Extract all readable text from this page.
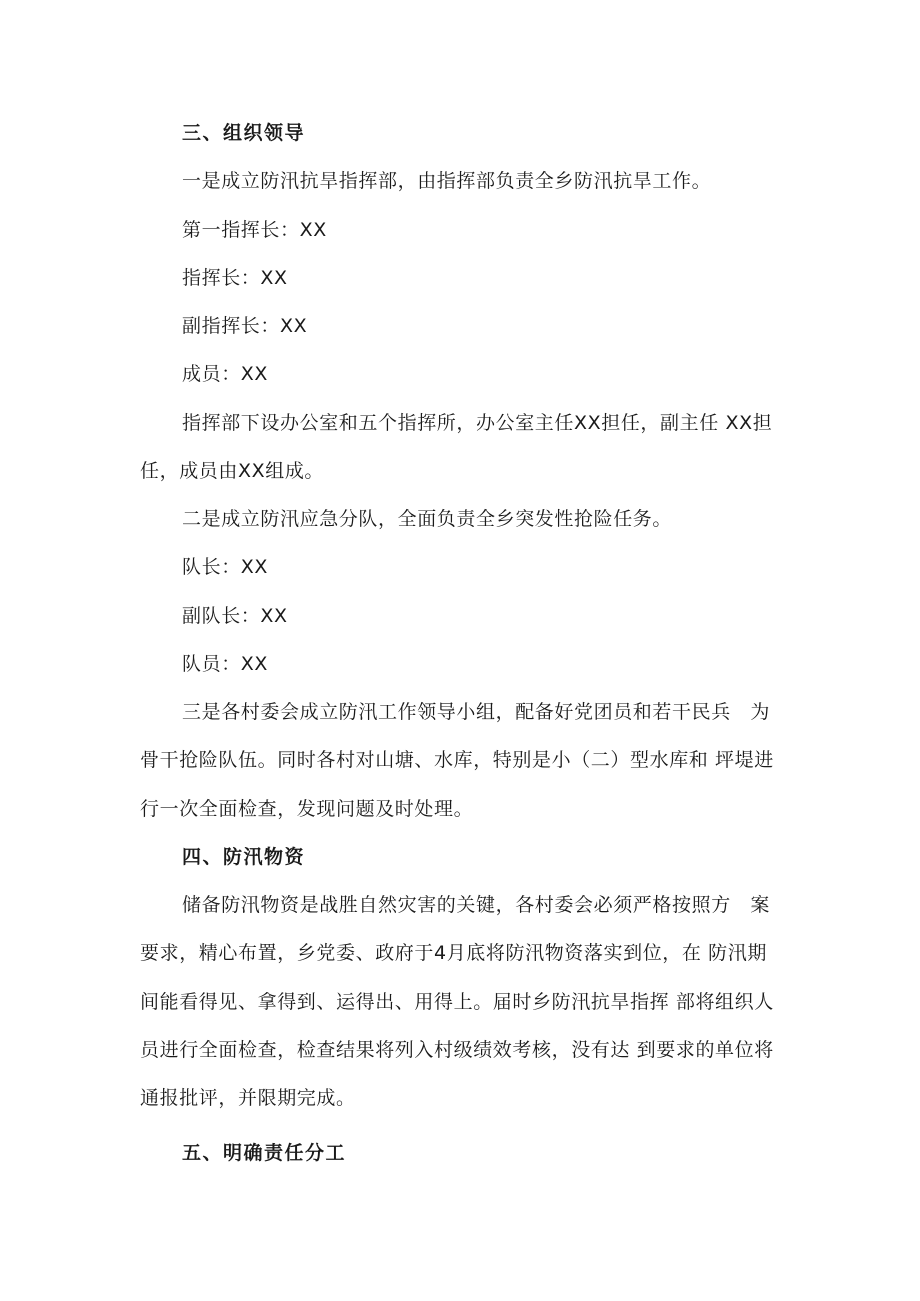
三、组织领导
一是成立防汛抗旱指挥部，由指挥部负责全乡防汛抗旱工作。
第一指挥长：XX
指挥长：XX
副指挥长：XX
成员：XX
指挥部下设办公室和五个指挥所，办公室主任XX担任，副主任 XX担
任，成员由XX组成。
二是成立防汛应急分队，全面负责全乡突发性抢险任务。
队长：XX
副队长：XX
队员：XX
三是各村委会成立防汛工作领导小组，配备好党团员和若干民兵　为
骨干抢险队伍。同时各村对山塘、水库，特别是小（二）型水库和 坪堤进
行一次全面检查，发现问题及时处理。
四、防汛物资
储备防汛物资是战胜自然灾害的关键，各村委会必须严格按照方　案
要求，精心布置，乡党委、政府于4月底将防汛物资落实到位，在 防汛期
间能看得见、拿得到、运得出、用得上。届时乡防汛抗旱指挥 部将组织人
员进行全面检查，检查结果将列入村级绩效考核，没有达 到要求的单位将
通报批评，并限期完成。
五、明确责任分工
